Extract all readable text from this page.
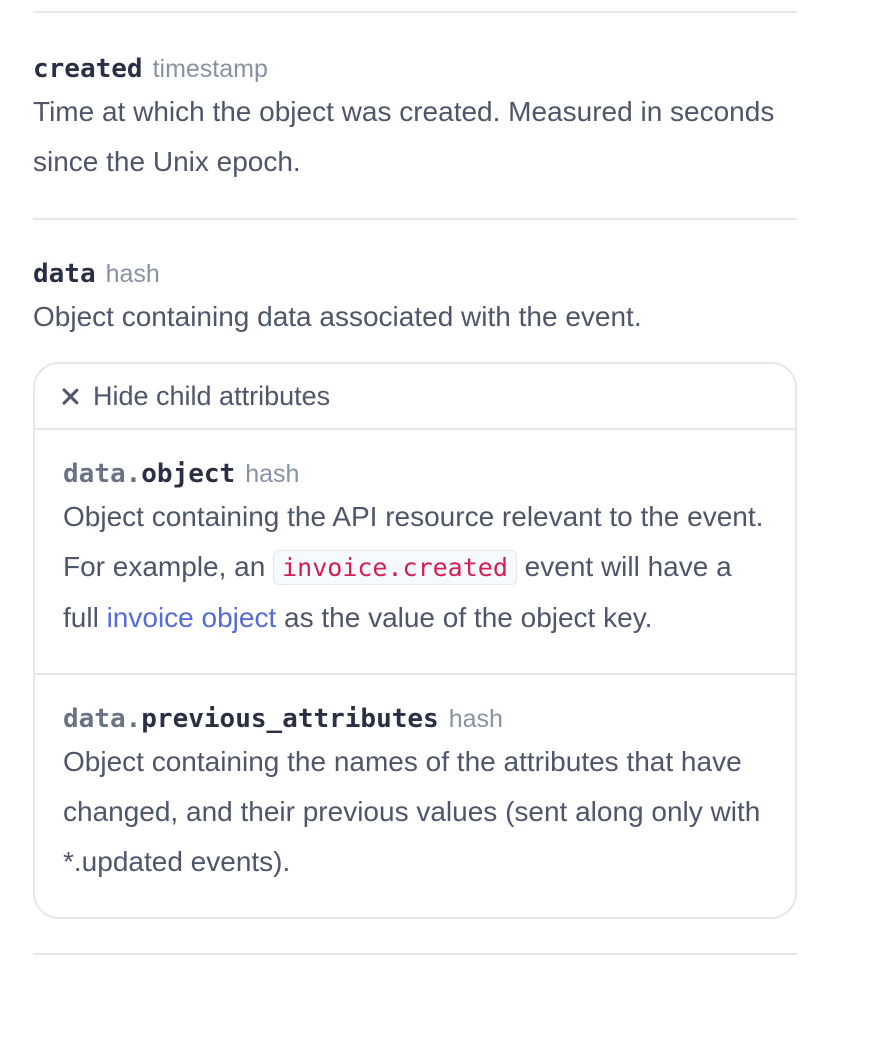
created timestamp

Time at which the object was created. Measured in seconds since the Unix epoch.

data hash

Object containing data associated with the event.

Hide child attributes
data.object hash

Object containing the API resource relevant to the event. For example, an invoice.created event will have a full invoice object as the value of the object key.

data.previous_attributes hash

Object containing the names of the attributes that have changed, and their previous values (sent along only with *.updated events).
